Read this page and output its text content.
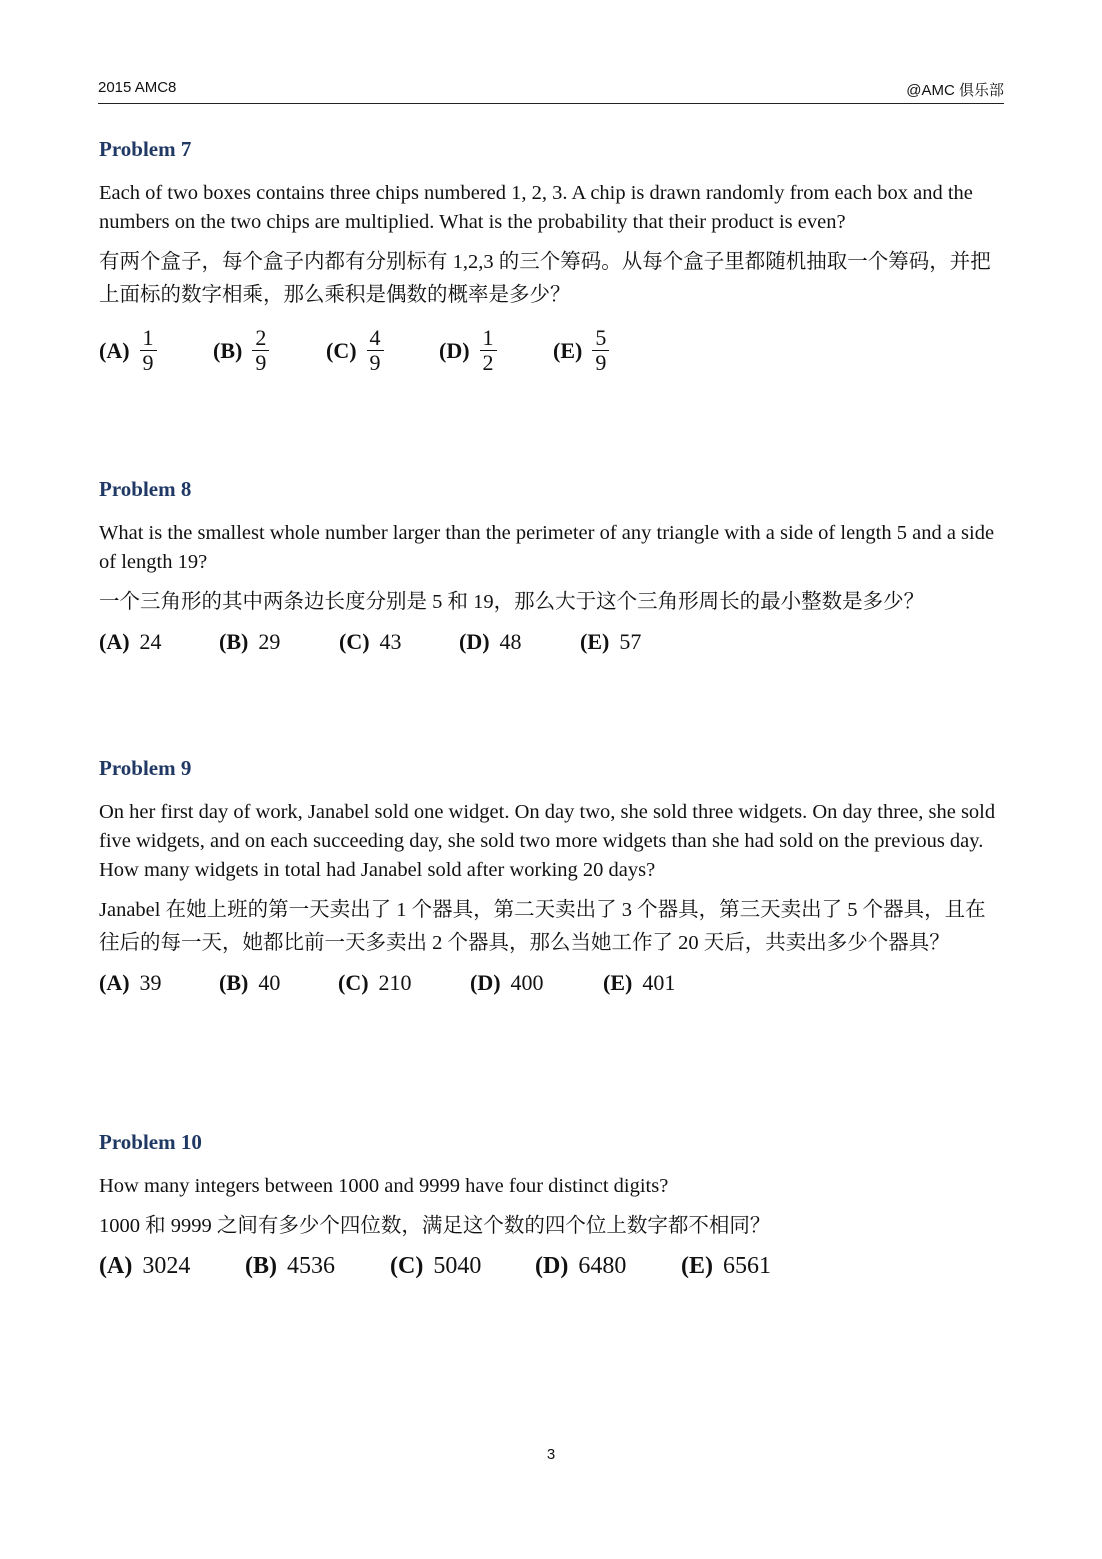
2015 AMC8	@AMC 俱乐部
Problem 7
Each of two boxes contains three chips numbered 1, 2, 3. A chip is drawn randomly from each box and the numbers on the two chips are multiplied. What is the probability that their product is even?
有两个盒子，每个盒子内都有分别标有 1,2,3 的三个筹码。从每个盒子里都随机抽取一个筹码，并把上面标的数字相乘，那么乘积是偶数的概率是多少？
$(A) \frac{1}{9}$	$(B) \frac{2}{9}$	$(C) \frac{4}{9}$	$(D) \frac{1}{2}$	$(E) \frac{5}{9}$
Problem 8
What is the smallest whole number larger than the perimeter of any triangle with a side of length 5 and a side of length 19?
一个三角形的其中两条边长度分别是 5 和 19，那么大于这个三角形周长的最小整数是多少？
(A) 24	(B) 29	(C) 43	(D) 48	(E) 57
Problem 9
On her first day of work, Janabel sold one widget. On day two, she sold three widgets. On day three, she sold five widgets, and on each succeeding day, she sold two more widgets than she had sold on the previous day. How many widgets in total had Janabel sold after working 20 days?
Janabel 在她上班的第一天卖出了 1 个器具，第二天卖出了 3 个器具，第三天卖出了 5 个器具，且在往后的每一天，她都比前一天多卖出 2 个器具，那么当她工作了 20 天后，共卖出多少个器具？
(A) 39	(B) 40	(C) 210	(D) 400	(E) 401
Problem 10
How many integers between 1000 and 9999 have four distinct digits?
1000 和 9999 之间有多少个四位数，满足这个数的四个位上数字都不相同？
(A) 3024 (B) 4536 (C) 5040 (D) 6480 (E) 6561
3
